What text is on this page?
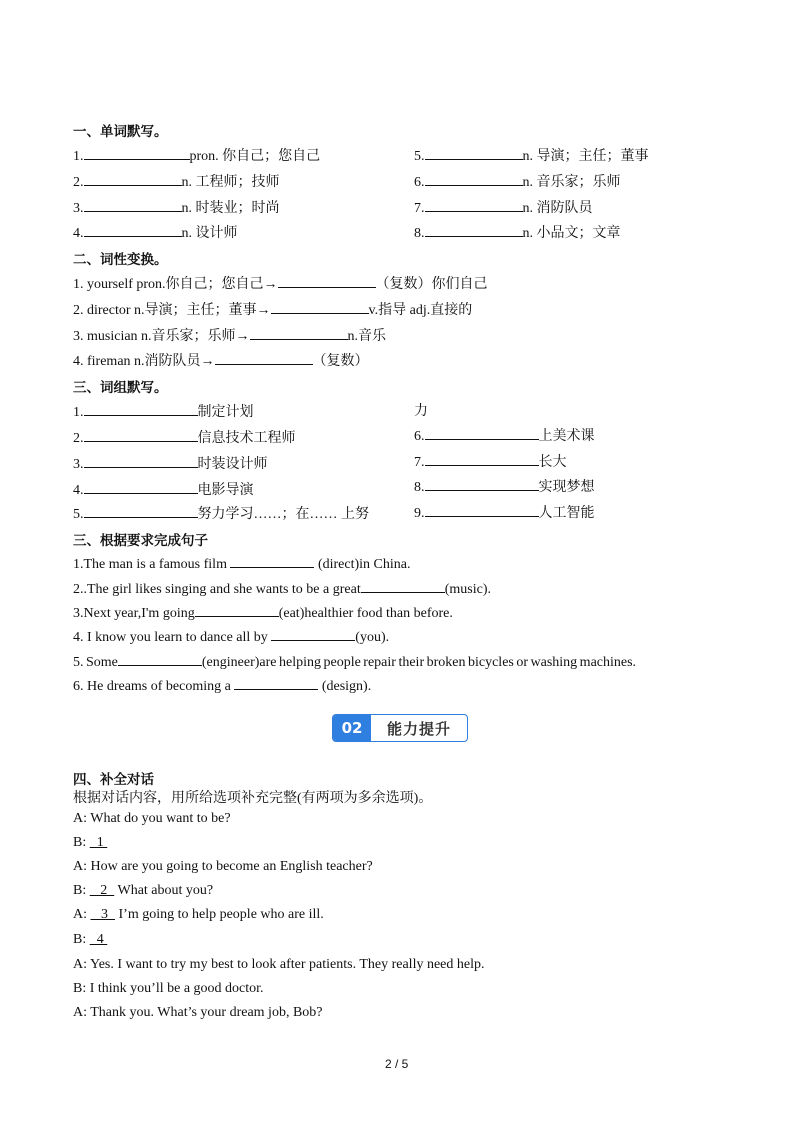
一、单词默写。
1.	pron. 你自己；您自己
2.	n. 工程师；技师
3.	n. 时装业；时尚
4.	n. 设计师
5.	n. 导演；主任；董事
6.	n. 音乐家；乐师
7.	n. 消防队员
8.	n. 小品文；文章
二、词性变换。
1. yourself pron.你自己；您自己→	（复数）你们自己
2. director n.导演；主任；董事→	v.指导 adj.直接的
3. musician n.音乐家；乐师→	n.音乐
4. fireman n.消防队员→	（复数）
三、词组默写。
1.	制定计划
2.	信息技术工程师
3.	时装设计师
4.	电影导演
5.	努力学习……；在…… 上努
力
6.	上美术课
7.	长大
8.	实现梦想
9.	人工智能
三、根据要求完成句子
1.The man is a famous film	(direct)in China.
2..The girl likes singing and she wants to be a great	(music).
3.Next year,I'm going	(eat)healthier food than before.
4. I know you learn to dance all by	(you).
5. Some	(engineer)are helping people repair their broken bicycles or washing machines.
6. He dreams of becoming a	(design).
02	能力提升
四、补全对话
根据对话内容，用所给选项补充完整(有两项为多余选项)。
A: What do you want to be?
B:   1
A: How are you going to become an English teacher?
B:    2   What about you?
A:    3   I’m going to help people who are ill.
B:   4
A: Yes. I want to try my best to look after patients. They really need help.
B: I think you’ll be a good doctor.
A: Thank you. What’s your dream job, Bob?
2 / 5
